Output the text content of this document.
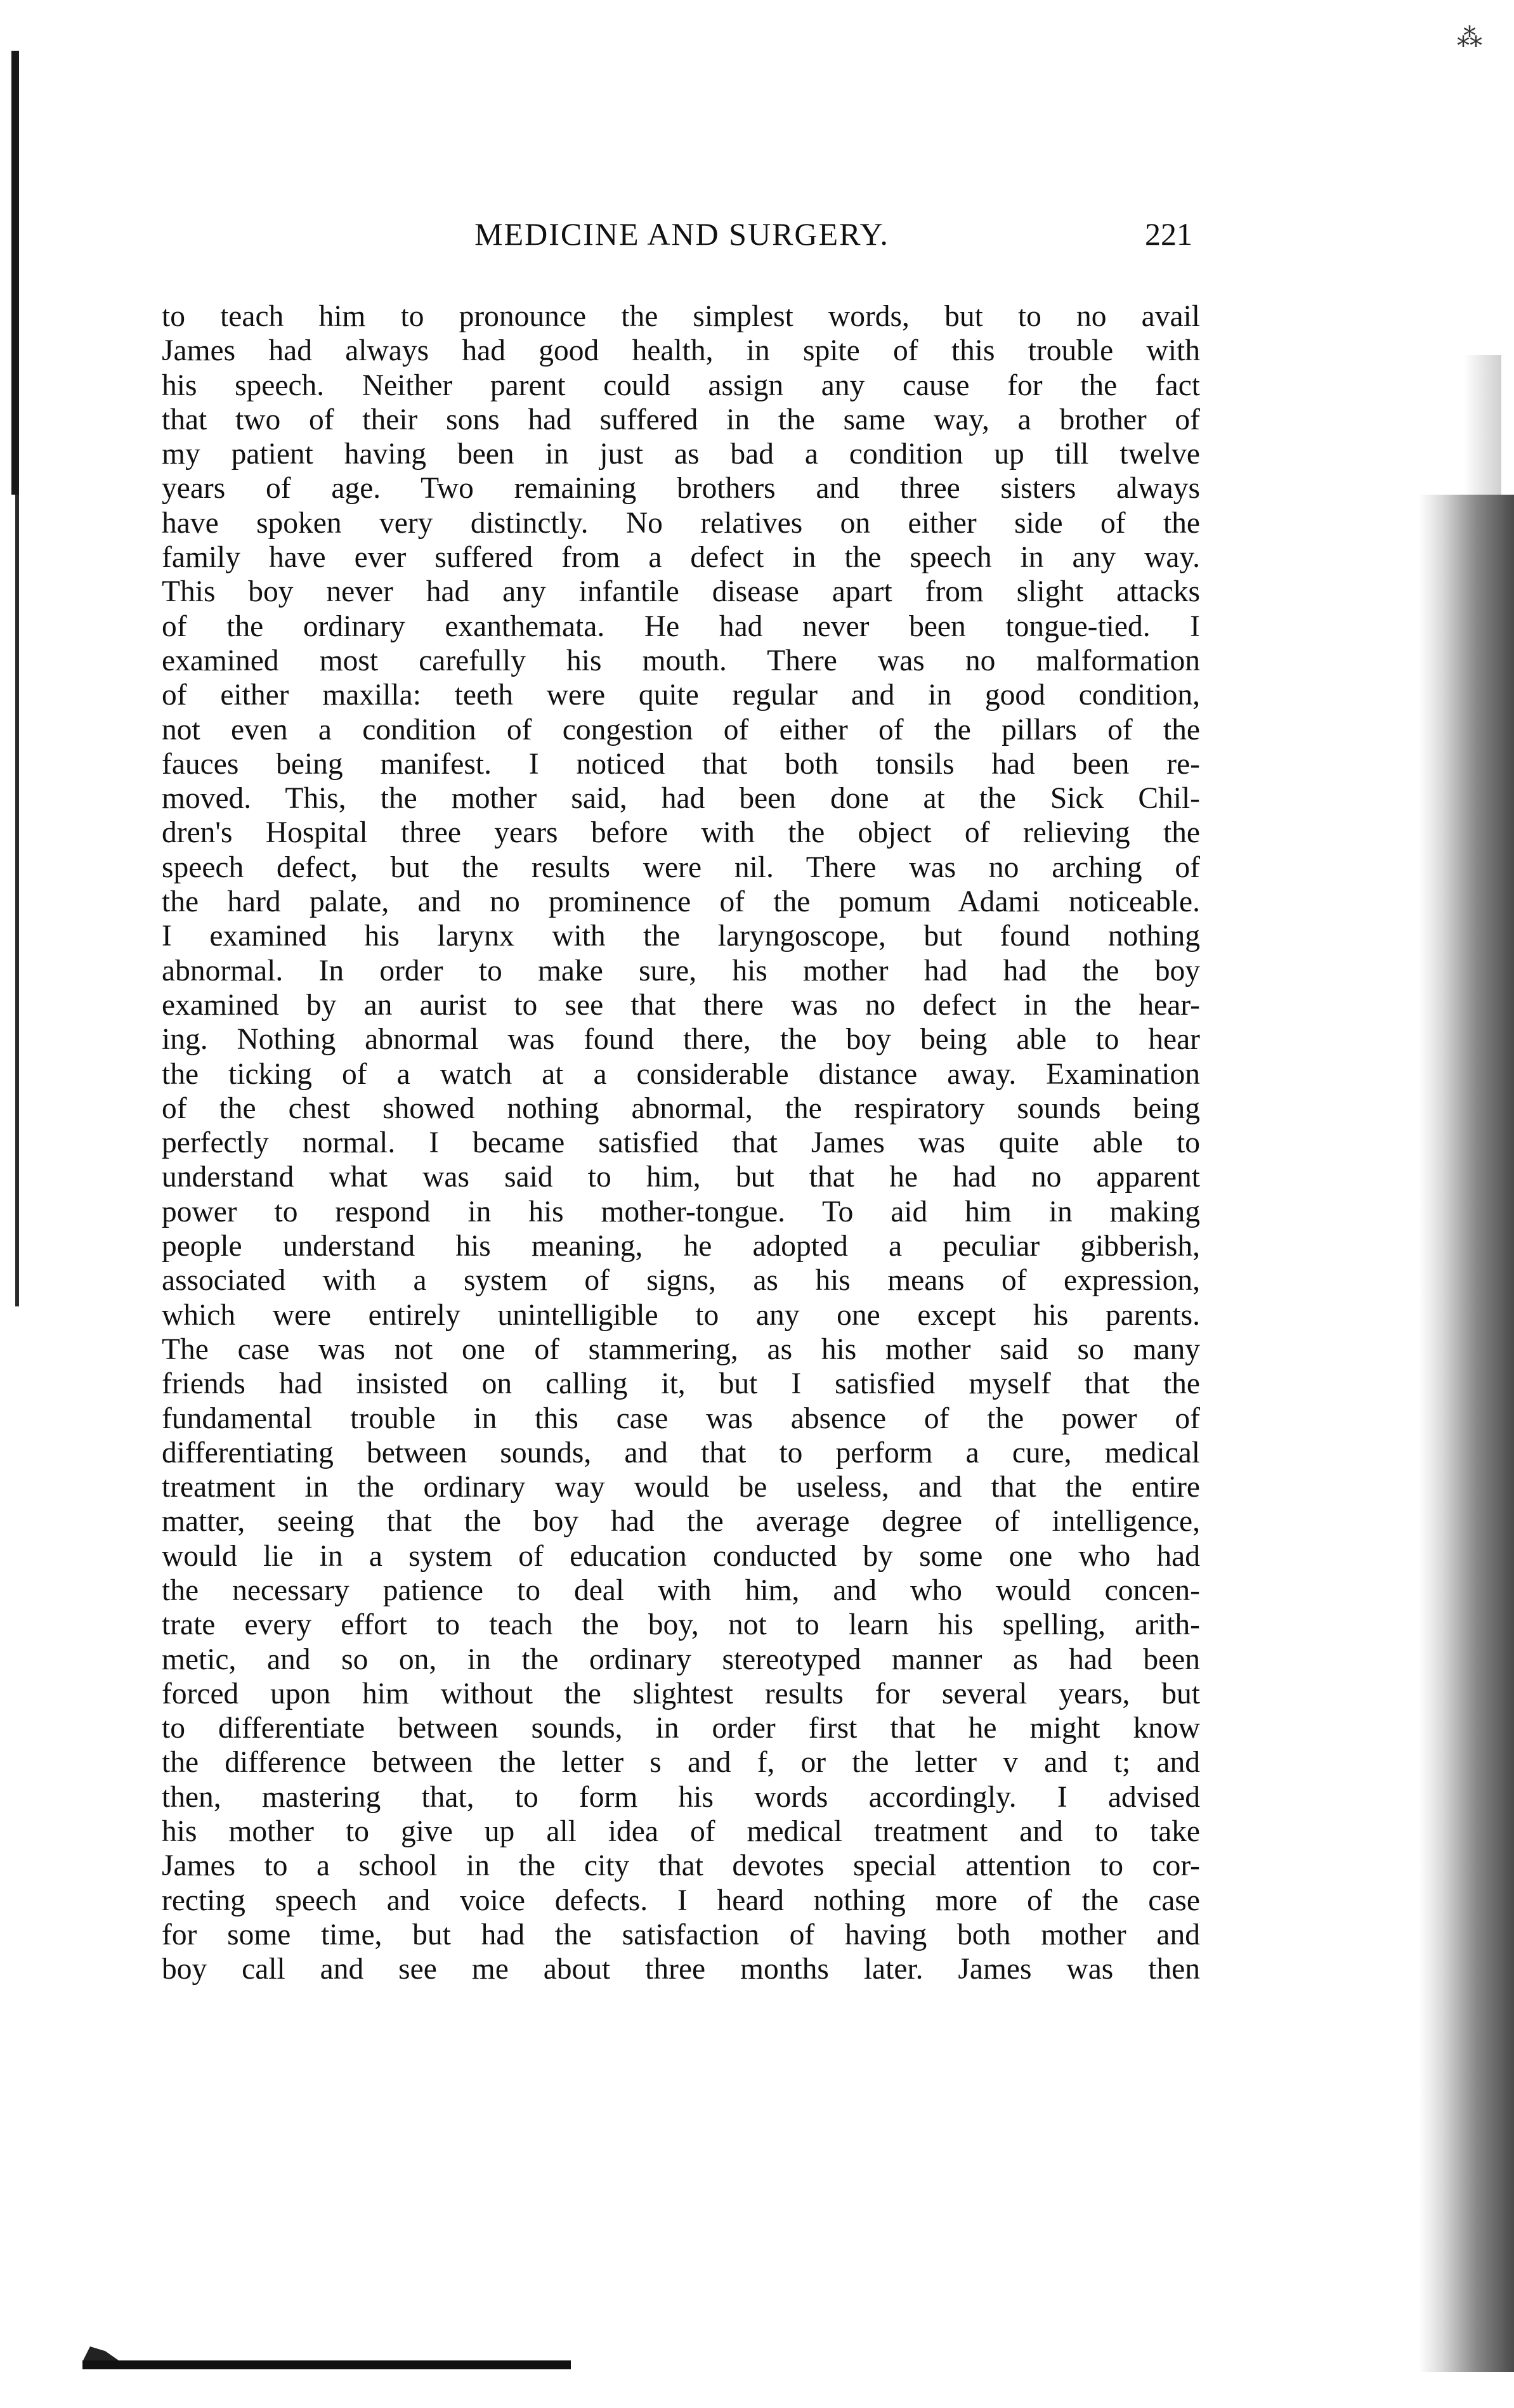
⁂
MEDICINE AND SURGERY.	221
to teach him to pronounce the simplest words, but to no avail
James had always had good health, in spite of this trouble with
his speech. Neither parent could assign any cause for the fact
that two of their sons had suffered in the same way, a brother of
my patient having been in just as bad a condition up till twelve
years of age. Two remaining brothers and three sisters always
have spoken very distinctly. No relatives on either side of the
family have ever suffered from a defect in the speech in any way.
This boy never had any infantile disease apart from slight attacks
of the ordinary exanthemata. He had never been tongue-tied. I
examined most carefully his mouth. There was no malformation
of either maxilla: teeth were quite regular and in good condition,
not even a condition of congestion of either of the pillars of the
fauces being manifest. I noticed that both tonsils had been re-
moved. This, the mother said, had been done at the Sick Chil-
dren's Hospital three years before with the object of relieving the
speech defect, but the results were nil. There was no arching of
the hard palate, and no prominence of the pomum Adami noticeable.
I examined his larynx with the laryngoscope, but found nothing
abnormal. In order to make sure, his mother had had the boy
examined by an aurist to see that there was no defect in the hear-
ing. Nothing abnormal was found there, the boy being able to hear
the ticking of a watch at a considerable distance away. Examination
of the chest showed nothing abnormal, the respiratory sounds being
perfectly normal. I became satisfied that James was quite able to
understand what was said to him, but that he had no apparent
power to respond in his mother-tongue. To aid him in making
people understand his meaning, he adopted a peculiar gibberish,
associated with a system of signs, as his means of expression,
which were entirely unintelligible to any one except his parents.
The case was not one of stammering, as his mother said so many
friends had insisted on calling it, but I satisfied myself that the
fundamental trouble in this case was absence of the power of
differentiating between sounds, and that to perform a cure, medical
treatment in the ordinary way would be useless, and that the entire
matter, seeing that the boy had the average degree of intelligence,
would lie in a system of education conducted by some one who had
the necessary patience to deal with him, and who would concen-
trate every effort to teach the boy, not to learn his spelling, arith-
metic, and so on, in the ordinary stereotyped manner as had been
forced upon him without the slightest results for several years, but
to differentiate between sounds, in order first that he might know
the difference between the letter s and f, or the letter v and t; and
then, mastering that, to form his words accordingly. I advised
his mother to give up all idea of medical treatment and to take
James to a school in the city that devotes special attention to cor-
recting speech and voice defects. I heard nothing more of the case
for some time, but had the satisfaction of having both mother and
boy call and see me about three months later. James was then
